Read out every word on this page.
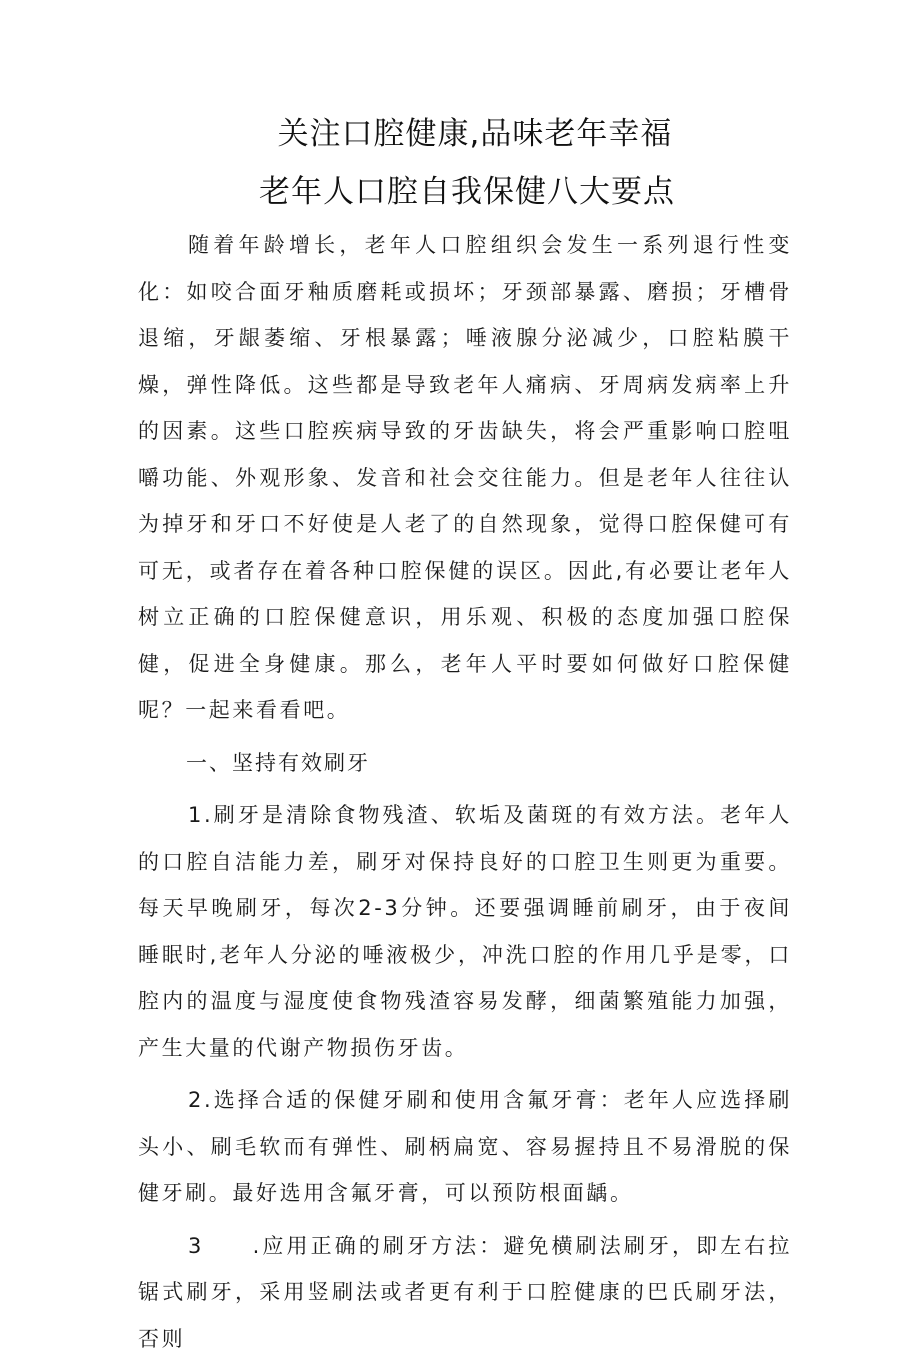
关注口腔健康,品味老年幸福
老年人口腔自我保健八大要点

随着年龄增长，老年人口腔组织会发生一系列退行性变化：如咬合面牙釉质磨耗或损坏；牙颈部暴露、磨损；牙槽骨退缩，牙龈萎缩、牙根暴露；唾液腺分泌减少，口腔粘膜干燥，弹性降低。这些都是导致老年人痛病、牙周病发病率上升的因素。这些口腔疾病导致的牙齿缺失，将会严重影响口腔咀嚼功能、外观形象、发音和社会交往能力。但是老年人往往认为掉牙和牙口不好使是人老了的自然现象，觉得口腔保健可有可无，或者存在着各种口腔保健的误区。因此,有必要让老年人树立正确的口腔保健意识，用乐观、积极的态度加强口腔保健，促进全身健康。那么，老年人平时要如何做好口腔保健呢？一起来看看吧。

一、坚持有效刷牙

1.刷牙是清除食物残渣、软垢及菌斑的有效方法。老年人的口腔自洁能力差，刷牙对保持良好的口腔卫生则更为重要。每天早晚刷牙，每次2-3分钟。还要强调睡前刷牙，由于夜间睡眠时,老年人分泌的唾液极少，冲洗口腔的作用几乎是零，口腔内的温度与湿度使食物残渣容易发酵，细菌繁殖能力加强，产生大量的代谢产物损伤牙齿。

2.选择合适的保健牙刷和使用含氟牙膏：老年人应选择刷头小、刷毛软而有弹性、刷柄扁宽、容易握持且不易滑脱的保健牙刷。最好选用含氟牙膏，可以预防根面龋。

3　　.应用正确的刷牙方法：避免横刷法刷牙，即左右拉锯式刷牙，采用竖刷法或者更有利于口腔健康的巴氏刷牙法，否则
